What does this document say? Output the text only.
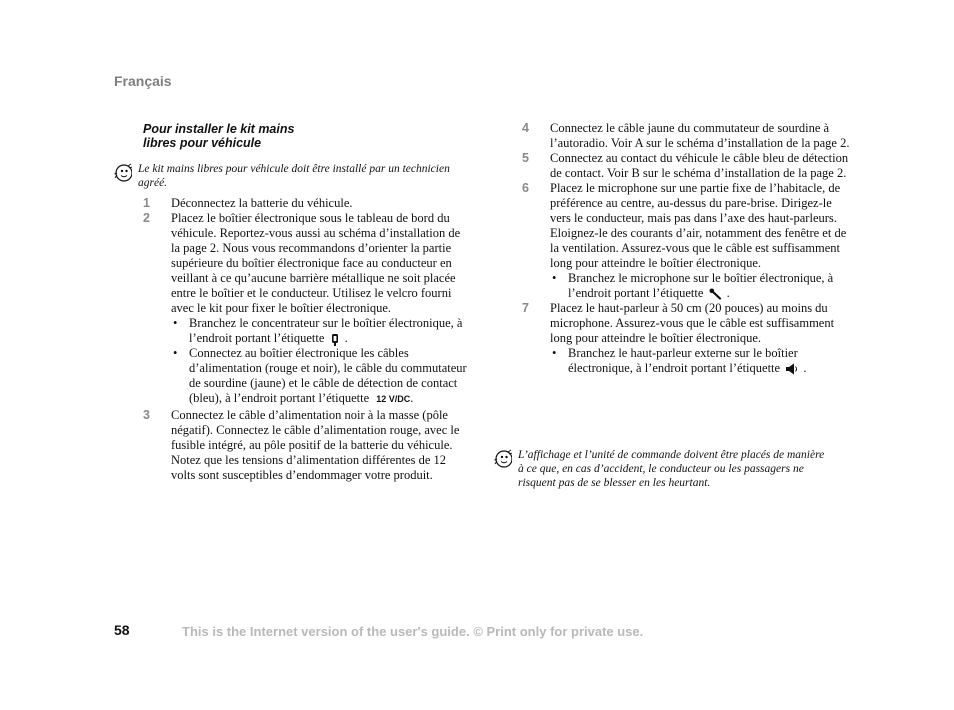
Français

Pour installer le kit mains
libres pour véhicule
Le kit mains libres pour véhicule doit être installé par un technicien agréé.
1	Déconnectez la batterie du véhicule.
2	Placez le boîtier électronique sous le tableau de bord du véhicule. Reportez-vous aussi au schéma d’installation de la page 2. Nous vous recommandons d’orienter la partie supérieure du boîtier électronique face au conducteur en veillant à ce qu’aucune barrière métallique ne soit placée entre le boîtier et le conducteur. Utilisez le velcro fourni avec le kit pour fixer le boîtier électronique.
• Branchez le concentrateur sur le boîtier électronique, à l’endroit portant l’étiquette .
• Connectez au boîtier électronique les câbles d’alimentation (rouge et noir), le câble du commutateur de sourdine (jaune) et le câble de détection de contact (bleu), à l’endroit portant l’étiquette 12 V/DC.
3	Connectez le câble d’alimentation noir à la masse (pôle négatif). Connectez le câble d’alimentation rouge, avec le fusible intégré, au pôle positif de la batterie du véhicule. Notez que les tensions d’alimentation différentes de 12 volts sont susceptibles d’endommager votre produit.
4	Connectez le câble jaune du commutateur de sourdine à l’autoradio. Voir A sur le schéma d’installation de la page 2.
5	Connectez au contact du véhicule le câble bleu de détection de contact. Voir B sur le schéma d’installation de la page 2.
6	Placez le microphone sur une partie fixe de l’habitacle, de préférence au centre, au-dessus du pare-brise. Dirigez-le vers le conducteur, mais pas dans l’axe des haut-parleurs. Eloignez-le des courants d’air, notamment des fenêtre et de la ventilation. Assurez-vous que le câble est suffisamment long pour atteindre le boîtier électronique.
• Branchez le microphone sur le boîtier électronique, à l’endroit portant l’étiquette .
7	Placez le haut-parleur à 50 cm (20 pouces) au moins du microphone. Assurez-vous que le câble est suffisamment long pour atteindre le boîtier électronique.
• Branchez le haut-parleur externe sur le boîtier électronique, à l’endroit portant l’étiquette .
L’affichage et l’unité de commande doivent être placés de manière à ce que, en cas d’accident, le conducteur ou les passagers ne risquent pas de se blesser en les heurtant.
58	This is the Internet version of the user's guide. © Print only for private use.
